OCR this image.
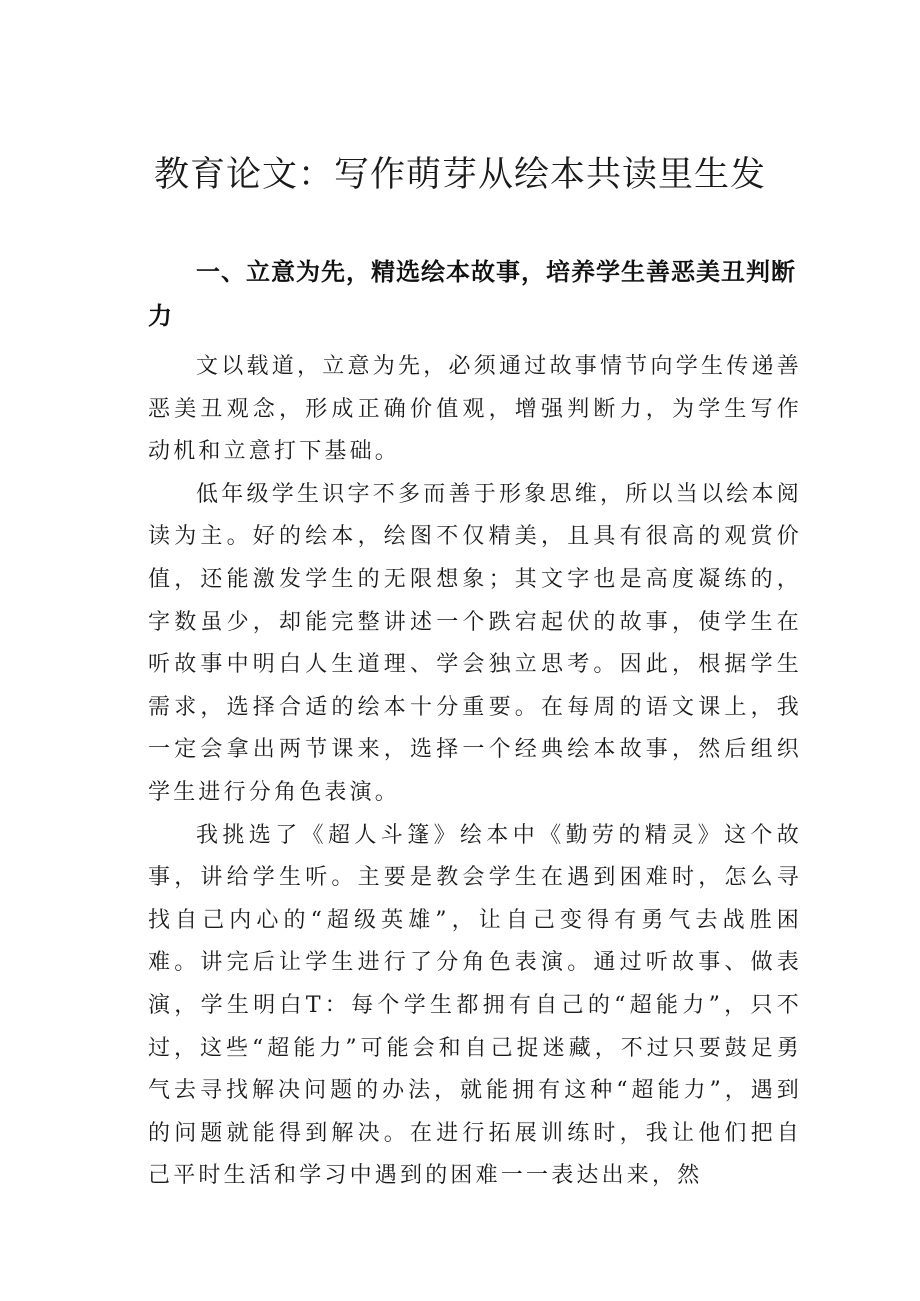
教育论文：写作萌芽从绘本共读里生发
一、立意为先，精选绘本故事，培养学生善恶美丑判断力

文以载道，立意为先，必须通过故事情节向学生传递善恶美丑观念，形成正确价值观，增强判断力，为学生写作动机和立意打下基础。

低年级学生识字不多而善于形象思维，所以当以绘本阅读为主。好的绘本，绘图不仅精美，且具有很高的观赏价值，还能激发学生的无限想象；其文字也是高度凝练的，字数虽少，却能完整讲述一个跌宕起伏的故事，使学生在听故事中明白人生道理、学会独立思考。因此，根据学生需求，选择合适的绘本十分重要。在每周的语文课上，我一定会拿出两节课来，选择一个经典绘本故事，然后组织学生进行分角色表演。

我挑选了《超人斗篷》绘本中《勤劳的精灵》这个故事，讲给学生听。主要是教会学生在遇到困难时，怎么寻找自己内心的“超级英雄”，让自己变得有勇气去战胜困难。讲完后让学生进行了分角色表演。通过听故事、做表演，学生明白T：每个学生都拥有自己的“超能力”，只不过，这些“超能力”可能会和自己捉迷藏，不过只要鼓足勇气去寻找解决问题的办法，就能拥有这种“超能力”，遇到的问题就能得到解决。在进行拓展训练时，我让他们把自己平时生活和学习中遇到的困难一一表达出来，然
